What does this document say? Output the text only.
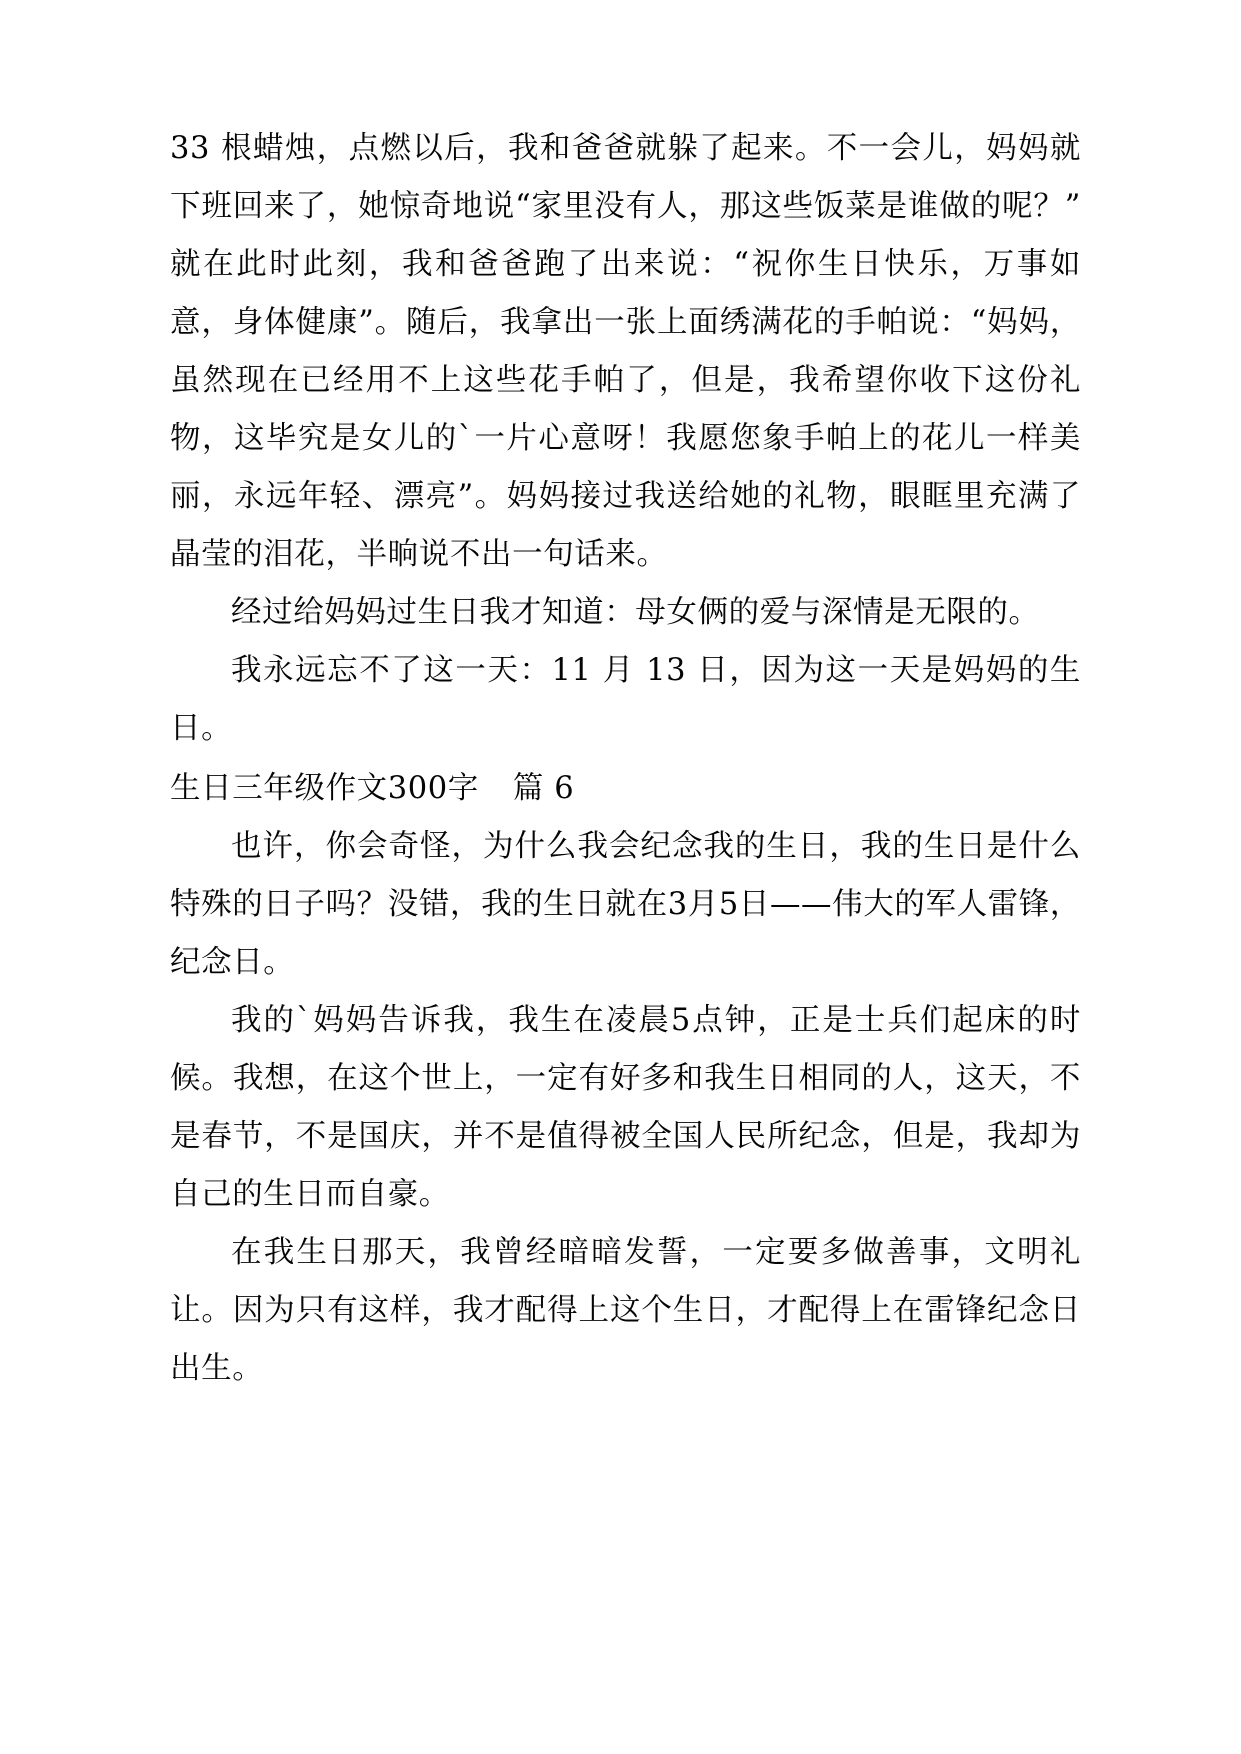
33 根蜡烛，点燃以后，我和爸爸就躲了起来。不一会儿，妈妈就下班回来了，她惊奇地说“家里没有人，那这些饭菜是谁做的呢？”就在此时此刻，我和爸爸跑了出来说：“祝你生日快乐，万事如意，身体健康”。随后，我拿出一张上面绣满花的手帕说：“妈妈，虽然现在已经用不上这些花手帕了，但是，我希望你收下这份礼物，这毕究是女儿的`一片心意呀！我愿您象手帕上的花儿一样美丽，永远年轻、漂亮”。妈妈接过我送给她的礼物，眼眶里充满了晶莹的泪花，半晌说不出一句话来。

经过给妈妈过生日我才知道：母女俩的爱与深情是无限的。

我永远忘不了这一天：11 月 13 日，因为这一天是妈妈的生日。

生日三年级作文300字 篇 6

也许，你会奇怪，为什么我会纪念我的生日，我的生日是什么特殊的日子吗？没错，我的生日就在3月5日——伟大的军人雷锋，纪念日。

我的`妈妈告诉我，我生在凌晨5点钟，正是士兵们起床的时候。我想，在这个世上，一定有好多和我生日相同的人，这天，不是春节，不是国庆，并不是值得被全国人民所纪念，但是，我却为自己的生日而自豪。

在我生日那天，我曾经暗暗发誓，一定要多做善事，文明礼让。因为只有这样，我才配得上这个生日，才配得上在雷锋纪念日出生。
